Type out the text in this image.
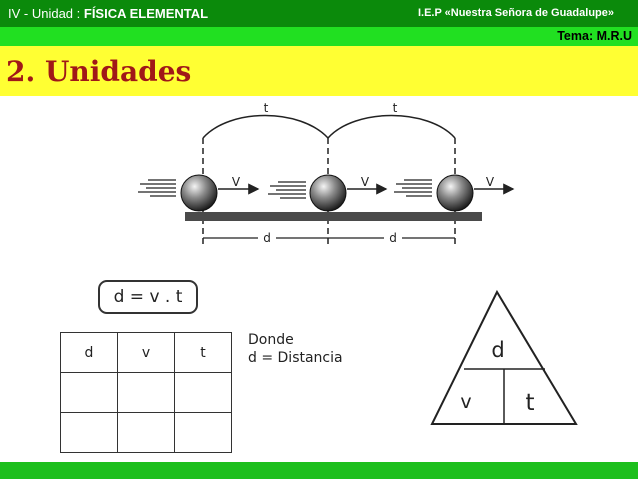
IV - Unidad : FÍSICA ELEMENTAL	I.E.P «Nuestra Señora de Guadalupe»
Tema: M.R.U
2. Unidades
t	t
V	V	V
d	d
d = v . t
d	v	t

Donde
d = Distancia	d
v t
